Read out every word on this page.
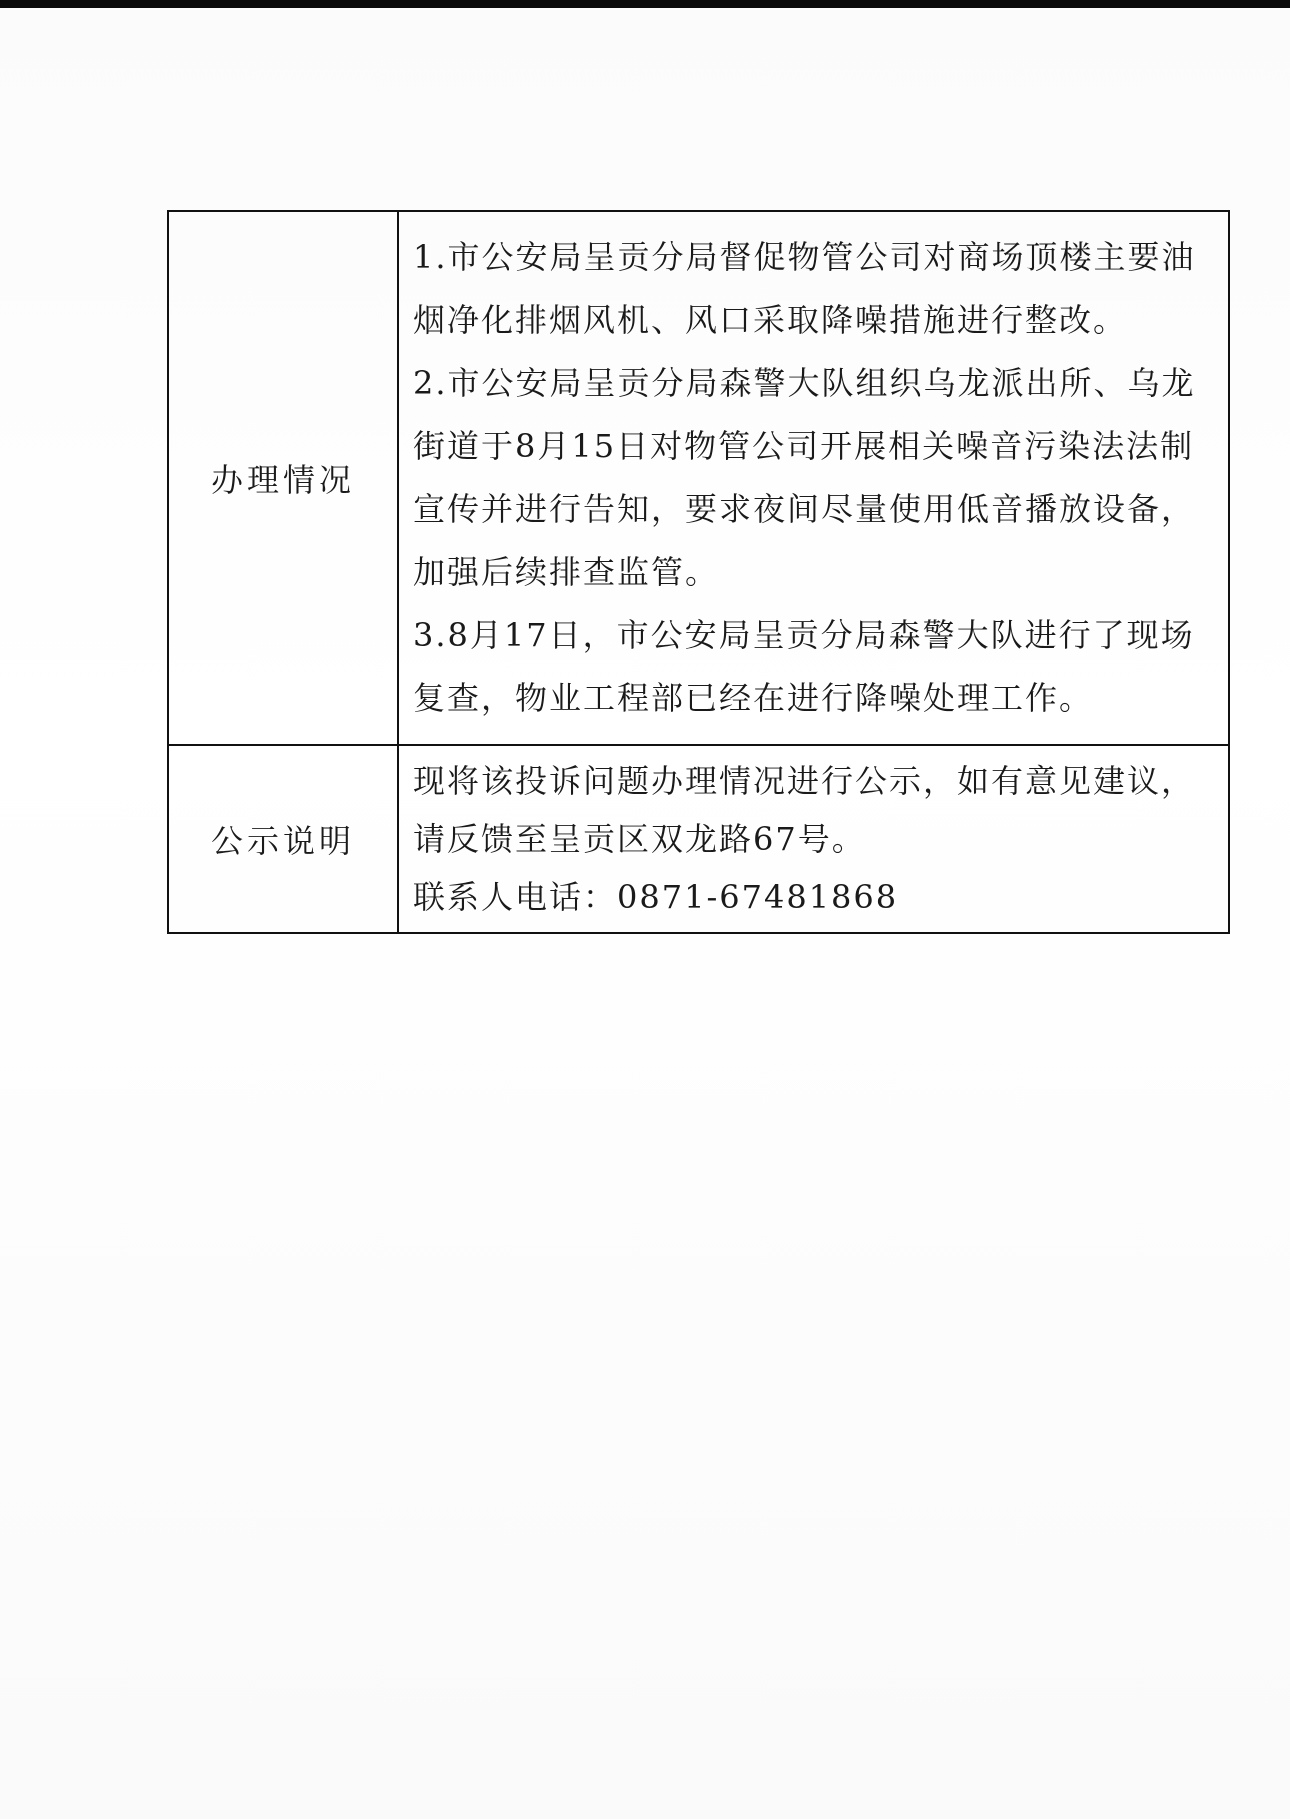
办理情况	1.市公安局呈贡分局督促物管公司对商场顶楼主要油烟净化排烟风机、风口采取降噪措施进行整改。

2.市公安局呈贡分局森警大队组织乌龙派出所、乌龙街道于8月15日对物管公司开展相关噪音污染法法制宣传并进行告知，要求夜间尽量使用低音播放设备，加强后续排查监管。

3.8月17日，市公安局呈贡分局森警大队进行了现场复查，物业工程部已经在进行降噪处理工作。

公示说明	现将该投诉问题办理情况进行公示，如有意见建议，请反馈至呈贡区双龙路67号。

联系人电话：0871-67481868
